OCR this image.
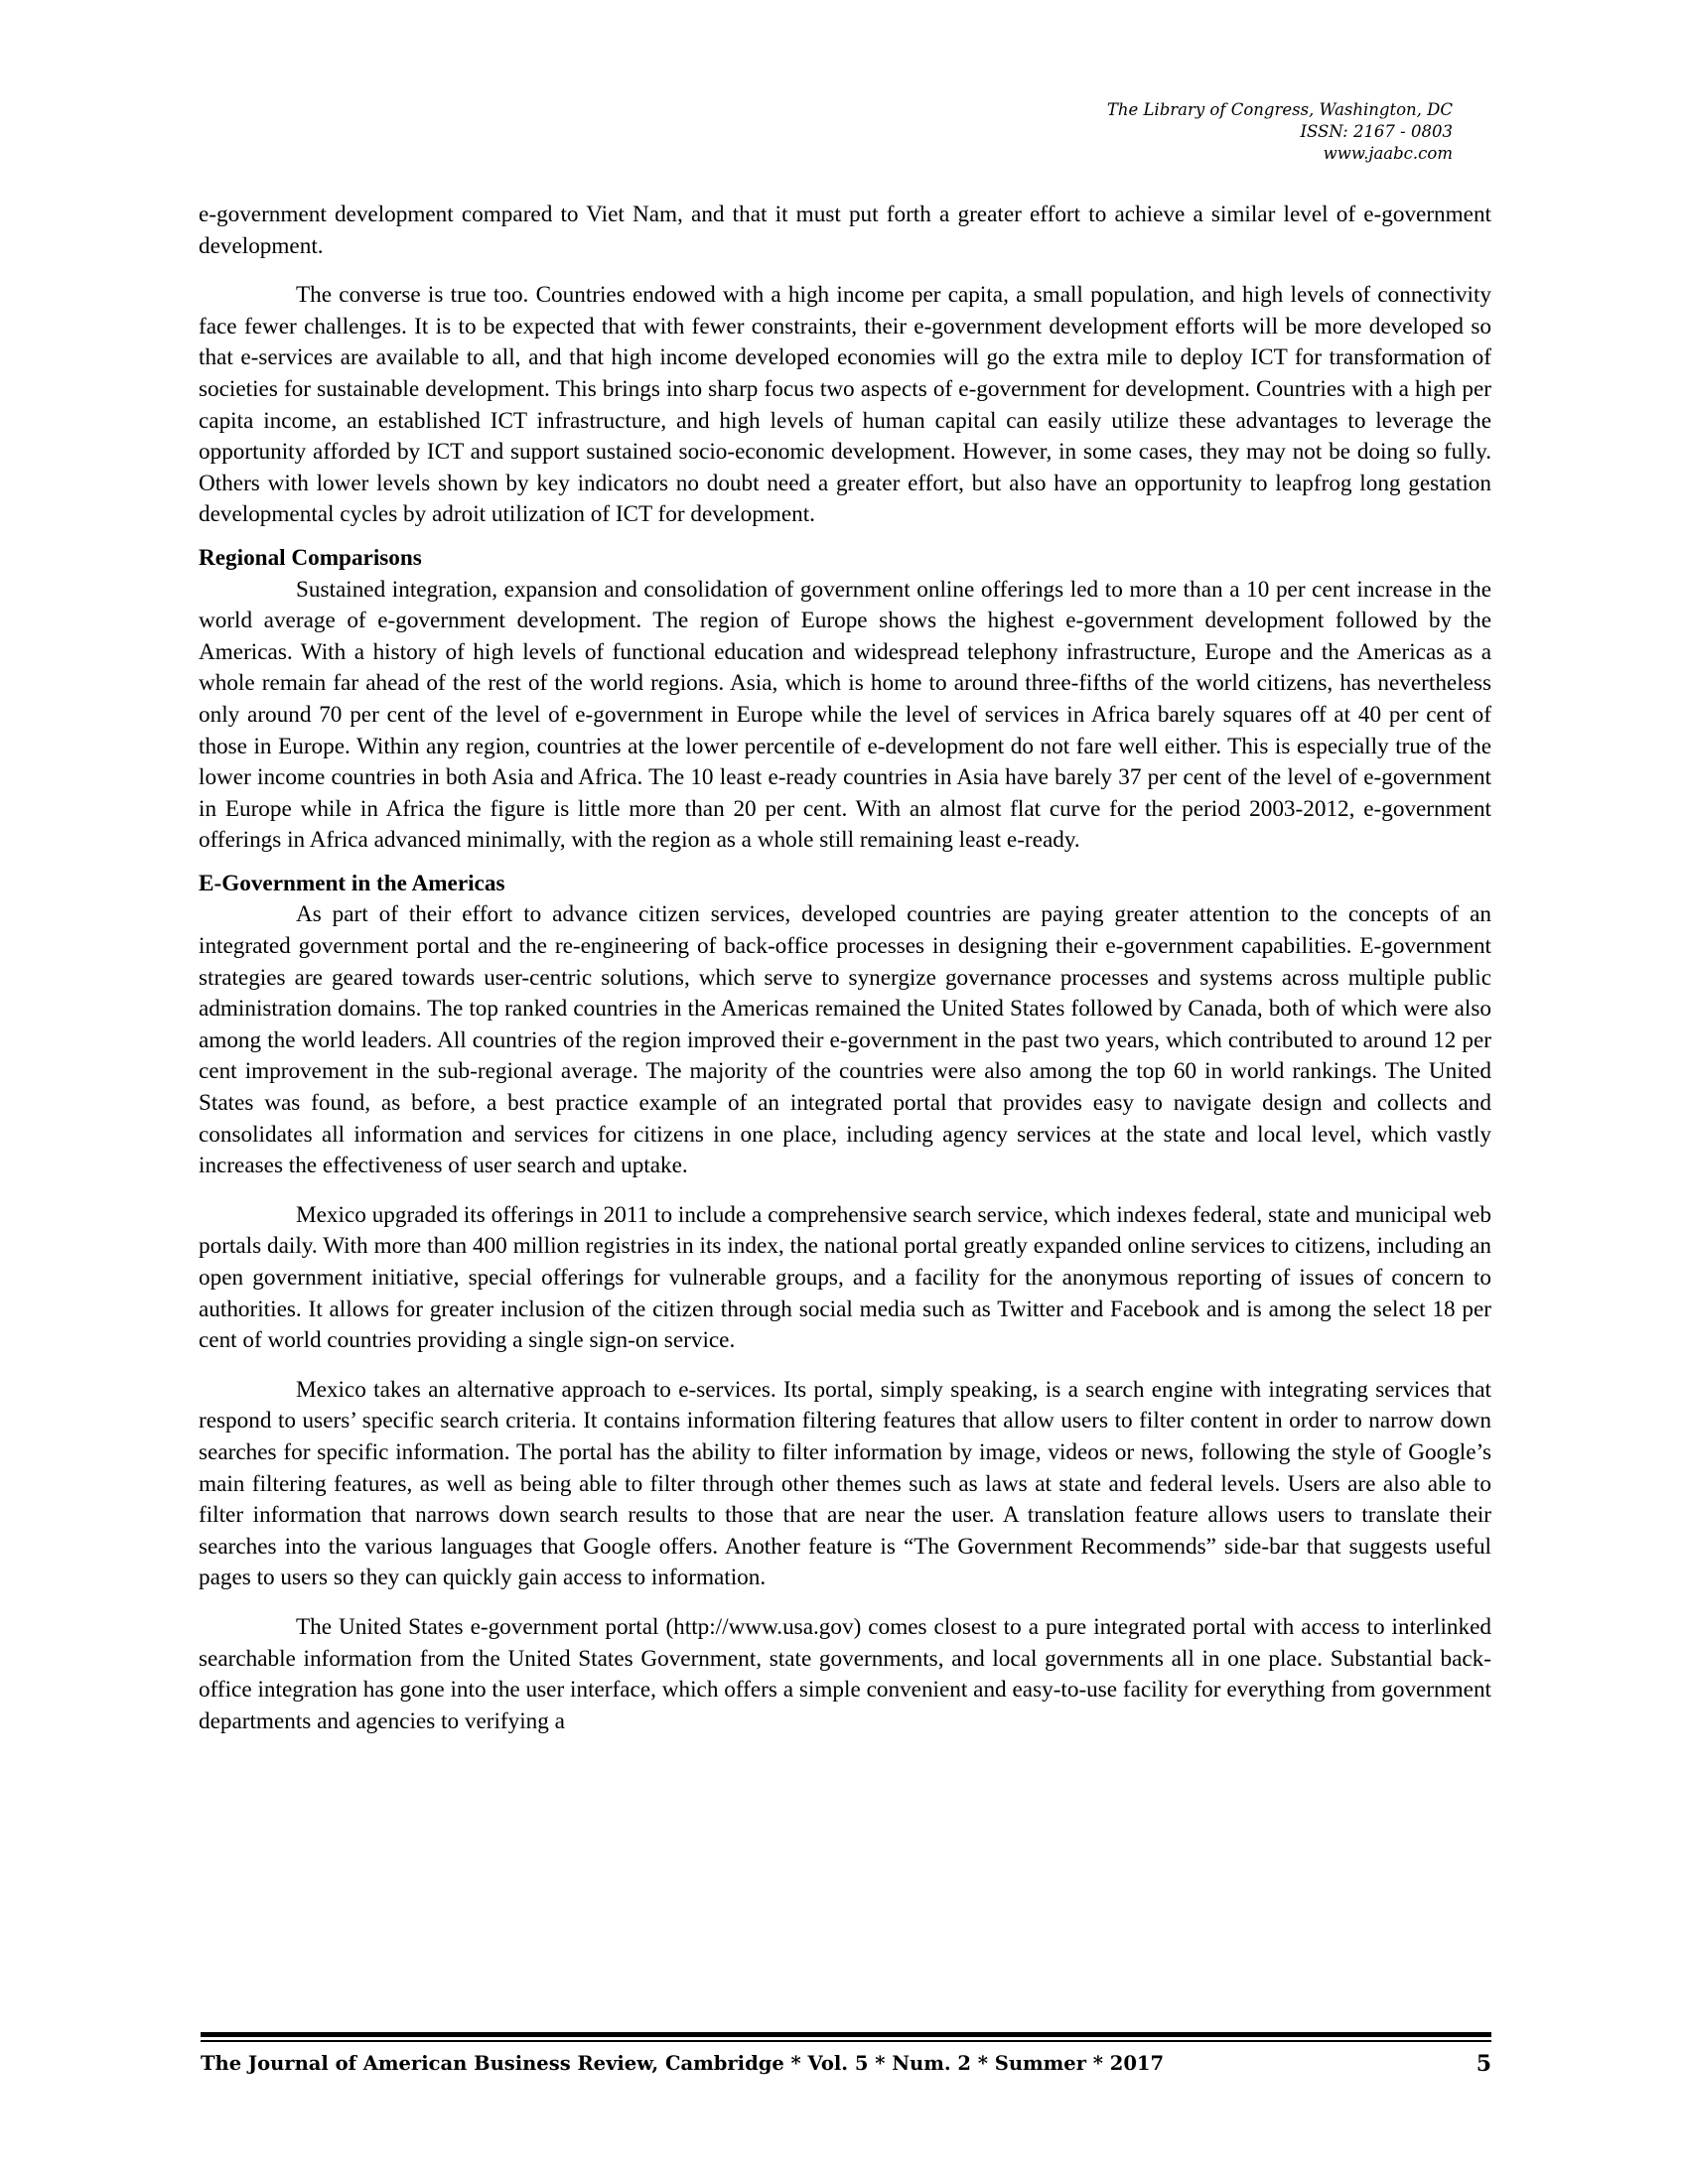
The Library of Congress, Washington, DC
ISSN: 2167 - 0803
www.jaabc.com

e-government development compared to Viet Nam, and that it must put forth a greater effort to achieve a similar level of e-government development.

The converse is true too. Countries endowed with a high income per capita, a small population, and high levels of connectivity face fewer challenges. It is to be expected that with fewer constraints, their e-government development efforts will be more developed so that e-services are available to all, and that high income developed economies will go the extra mile to deploy ICT for transformation of societies for sustainable development. This brings into sharp focus two aspects of e-government for development. Countries with a high per capita income, an established ICT infrastructure, and high levels of human capital can easily utilize these advantages to leverage the opportunity afforded by ICT and support sustained socio-economic development. However, in some cases, they may not be doing so fully. Others with lower levels shown by key indicators no doubt need a greater effort, but also have an opportunity to leapfrog long gestation developmental cycles by adroit utilization of ICT for development.

Regional Comparisons

Sustained integration, expansion and consolidation of government online offerings led to more than a 10 per cent increase in the world average of e-government development. The region of Europe shows the highest e-government development followed by the Americas. With a history of high levels of functional education and widespread telephony infrastructure, Europe and the Americas as a whole remain far ahead of the rest of the world regions. Asia, which is home to around three-fifths of the world citizens, has nevertheless only around 70 per cent of the level of e-government in Europe while the level of services in Africa barely squares off at 40 per cent of those in Europe. Within any region, countries at the lower percentile of e-development do not fare well either. This is especially true of the lower income countries in both Asia and Africa. The 10 least e-ready countries in Asia have barely 37 per cent of the level of e-government in Europe while in Africa the figure is little more than 20 per cent. With an almost flat curve for the period 2003-2012, e-government offerings in Africa advanced minimally, with the region as a whole still remaining least e-ready.

E-Government in the Americas

As part of their effort to advance citizen services, developed countries are paying greater attention to the concepts of an integrated government portal and the re-engineering of back-office processes in designing their e-government capabilities. E-government strategies are geared towards user-centric solutions, which serve to synergize governance processes and systems across multiple public administration domains. The top ranked countries in the Americas remained the United States followed by Canada, both of which were also among the world leaders. All countries of the region improved their e-government in the past two years, which contributed to around 12 per cent improvement in the sub-regional average. The majority of the countries were also among the top 60 in world rankings. The United States was found, as before, a best practice example of an integrated portal that provides easy to navigate design and collects and consolidates all information and services for citizens in one place, including agency services at the state and local level, which vastly increases the effectiveness of user search and uptake.

Mexico upgraded its offerings in 2011 to include a comprehensive search service, which indexes federal, state and municipal web portals daily. With more than 400 million registries in its index, the national portal greatly expanded online services to citizens, including an open government initiative, special offerings for vulnerable groups, and a facility for the anonymous reporting of issues of concern to authorities. It allows for greater inclusion of the citizen through social media such as Twitter and Facebook and is among the select 18 per cent of world countries providing a single sign-on service.

Mexico takes an alternative approach to e-services. Its portal, simply speaking, is a search engine with integrating services that respond to users’ specific search criteria. It contains information filtering features that allow users to filter content in order to narrow down searches for specific information. The portal has the ability to filter information by image, videos or news, following the style of Google’s main filtering features, as well as being able to filter through other themes such as laws at state and federal levels. Users are also able to filter information that narrows down search results to those that are near the user. A translation feature allows users to translate their searches into the various languages that Google offers. Another feature is “The Government Recommends” side-bar that suggests useful pages to users so they can quickly gain access to information.

The United States e-government portal (http://www.usa.gov) comes closest to a pure integrated portal with access to interlinked searchable information from the United States Government, state governments, and local governments all in one place. Substantial back-office integration has gone into the user interface, which offers a simple convenient and easy-to-use facility for everything from government departments and agencies to verifying a

The Journal of American Business Review, Cambridge * Vol. 5 * Num. 2 * Summer * 2017	5
